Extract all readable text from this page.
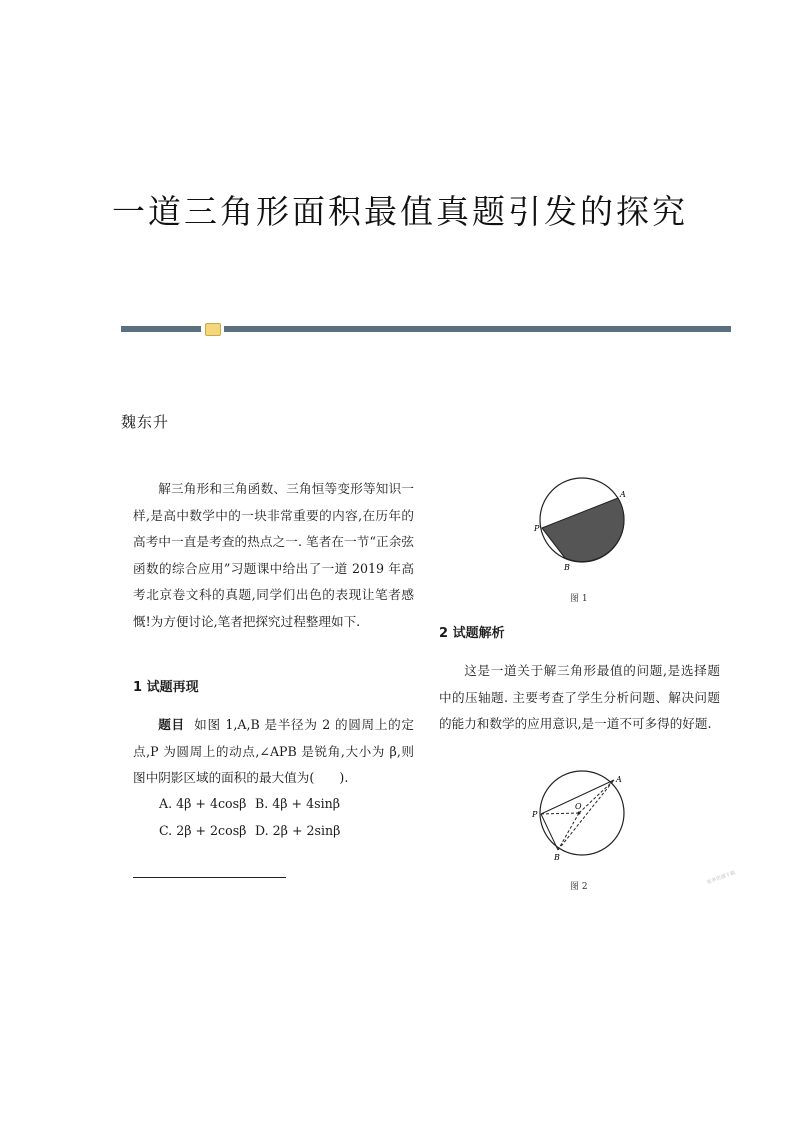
一道三角形面积最值真题引发的探究
魏东升

解三角形和三角函数、三角恒等变形等知识一样,是高中数学中的一块非常重要的内容,在历年的高考中一直是考查的热点之一. 笔者在一节“正余弦函数的综合应用”习题课中给出了一道 2019 年高考北京卷文科的真题,同学们出色的表现让笔者感慨!为方便讨论,笔者把探究过程整理如下.

1 试题再现

题目 如图 1,A,B 是半径为 2 的圆周上的定点,P 为圆周上的动点,∠APB 是锐角,大小为 β,则图中阴影区域的面积的最大值为(　　).

A. 4β + 4cosβ B. 4β + 4sinβ
C. 2β + 2cosβ D. 2β + 2sinβ
A
P
B
图 1
2 试题解析

这是一道关于解三角形最值的问题,是选择题中的压轴题. 主要考查了学生分析问题、解决问题的能力和数学的应用意识,是一道不可多得的好题.

A
P
B
O
图 2
更多资源下载
